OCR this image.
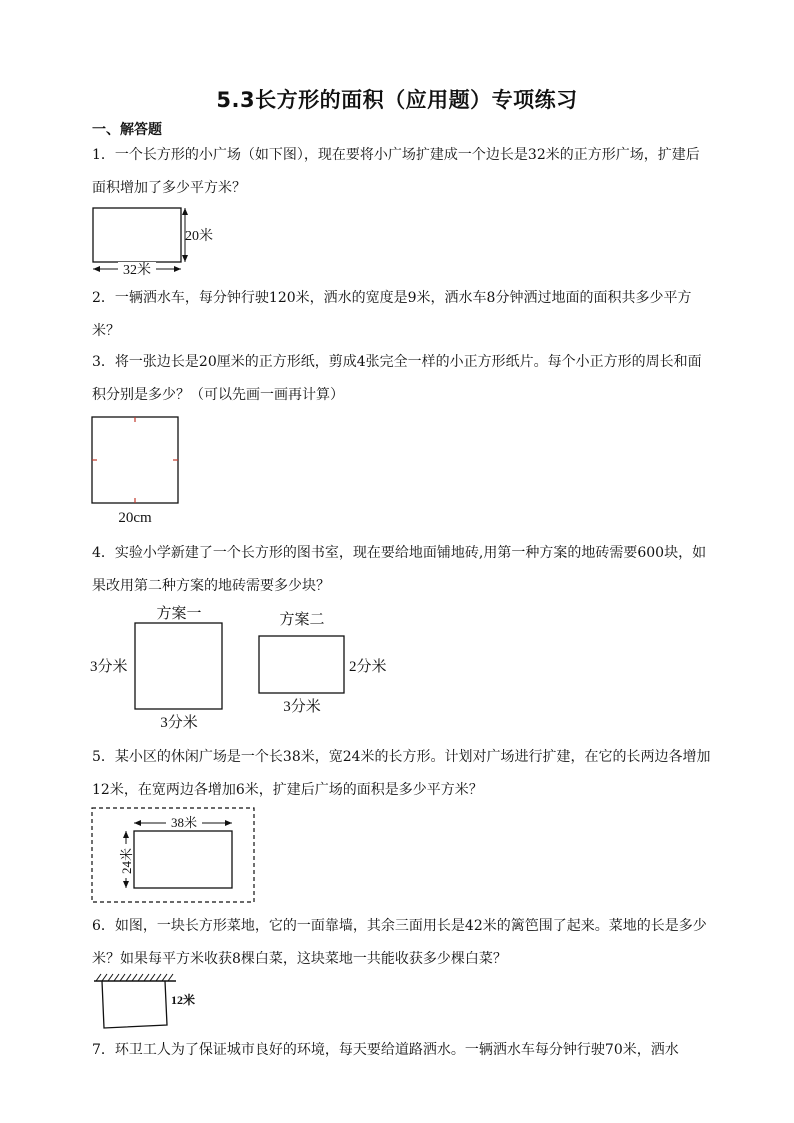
5.3长方形的面积（应用题）专项练习
一、解答题
1．一个长方形的小广场（如下图），现在要将小广场扩建成一个边长是32米的正方形广场，扩建后面积增加了多少平方米？
20米
32米
2．一辆洒水车，每分钟行驶120米，洒水的宽度是9米，洒水车8分钟洒过地面的面积共多少平方米？
3．将一张边长是20厘米的正方形纸，剪成4张完全一样的小正方形纸片。每个小正方形的周长和面积分别是多少？（可以先画一画再计算）
20cm
4．实验小学新建了一个长方形的图书室，现在要给地面铺地砖,用第一种方案的地砖需要600块，如果改用第二种方案的地砖需要多少块？
方案一
3分米
3分米
方案二
2分米
3分米
5．某小区的休闲广场是一个长38米，宽24米的长方形。计划对广场进行扩建，在它的长两边各增加12米，在宽两边各增加6米，扩建后广场的面积是多少平方米？
38米
24米
6．如图，一块长方形菜地，它的一面靠墙，其余三面用长是42米的篱笆围了起来。菜地的长是多少米？如果每平方米收获8棵白菜，这块菜地一共能收获多少棵白菜？
12米
7．环卫工人为了保证城市良好的环境，每天要给道路洒水。一辆洒水车每分钟行驶70米，洒水
